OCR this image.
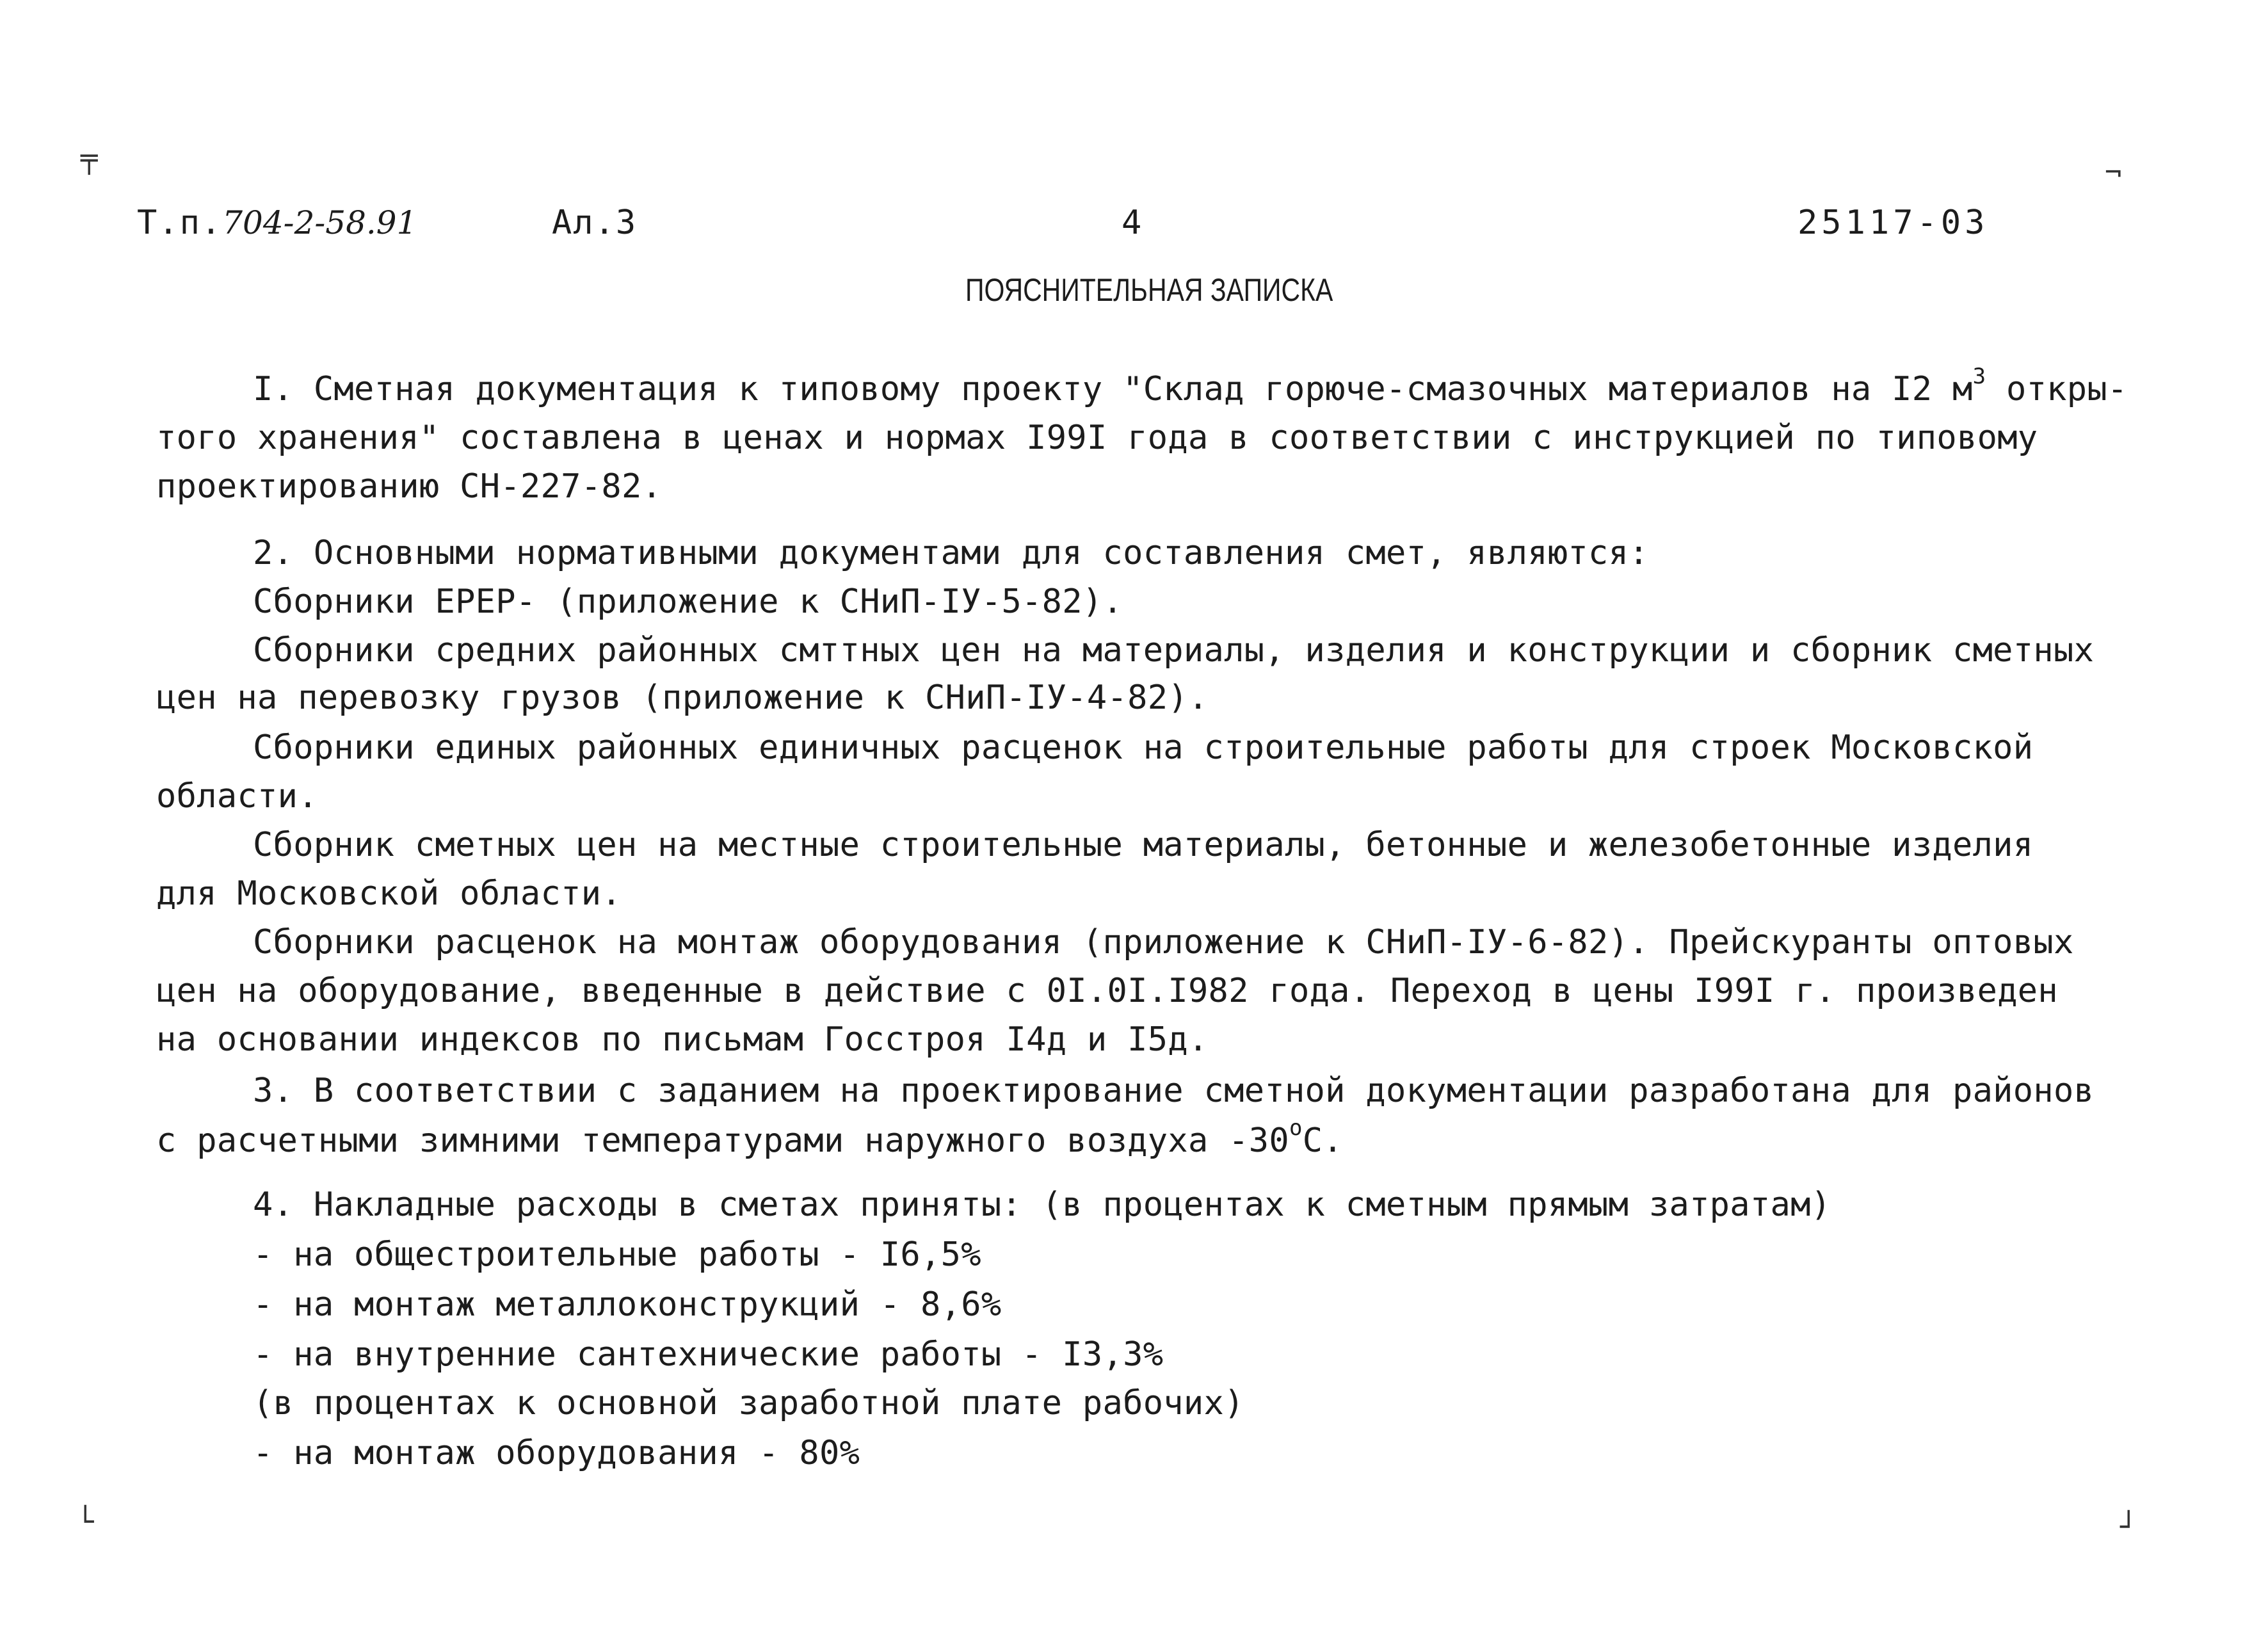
╤	¬
└	┘
Т.п.704-2-58.91	Ал.3	4	25117-03
ПОЯСНИТЕЛЬНАЯ ЗАПИСКА
I. Сметная документация к типовому проекту "Склад горюче-смазочных материалов на I2 $м^3$ откры-
того хранения" составлена в ценах и нормах I99I года в соответствии с инструкцией по типовому
проектированию СН-227-82.
2. Основными нормативными документами для составления смет, являются:
Сборники ЕРЕР- (приложение к СНиП-IУ-5-82).
Сборники средних районных смттных цен на материалы, изделия и конструкции и сборник сметных
цен на перевозку грузов (приложение к СНиП-IУ-4-82).
Сборники единых районных единичных расценок на строительные работы для строек Московской
области.
Сборник сметных цен на местные строительные материалы, бетонные и железобетонные изделия
для Московской области.
Сборники расценок на монтаж оборудования (приложение к СНиП-IУ-6-82). Прейскуранты оптовых
цен на оборудование, введенные в действие с 0I.0I.I982 года. Переход в цены I99I г. произведен
на основании индексов по письмам Госстроя I4д и I5д.
3. В соответствии с заданием на проектирование сметной документации разработана для районов
с расчетными зимними температурами наружного воздуха $-30^оС$.
4. Накладные расходы в сметах приняты: (в процентах к сметным прямым затратам)
- на общестроительные работы - I6,5%
- на монтаж металлоконструкций - 8,6%
- на внутренние сантехнические работы - I3,3%
(в процентах к основной заработной плате рабочих)
- на монтаж оборудования - 80%
